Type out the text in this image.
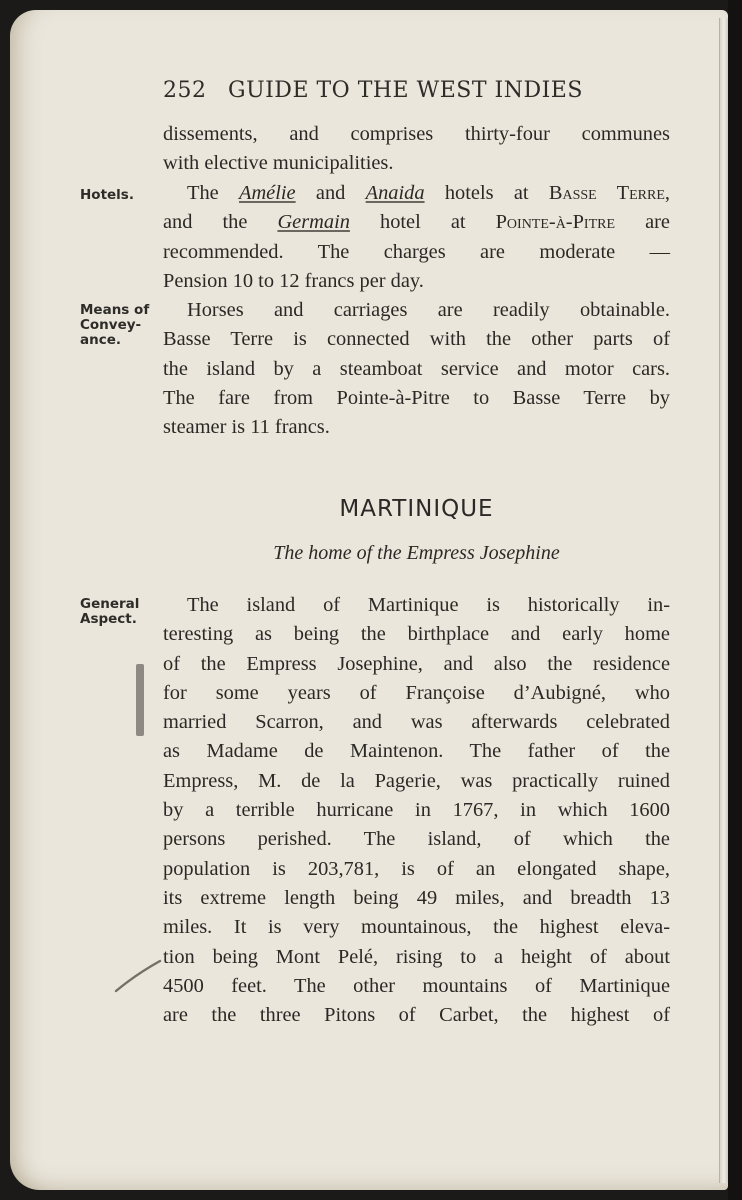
252 GUIDE TO THE WEST INDIES
dissements, and comprises thirty-four communes
with elective municipalities.
Hotels.	The Amélie and Anaida hotels at Basse Terre,
and the Germain hotel at Pointe-à-Pitre are
recommended. The charges are moderate —
Pension 10 to 12 francs per day.
Means of
Convey-
ance.
Horses and carriages are readily obtainable.
Basse Terre is connected with the other parts of
the island by a steamboat service and motor cars.
The fare from Pointe-à-Pitre to Basse Terre by
steamer is 11 francs.
MARTINIQUE
The home of the Empress Josephine
General
Aspect.
The island of Martinique is historically in-
teresting as being the birthplace and early home
of the Empress Josephine, and also the residence
for some years of Françoise d’Aubigné, who
married Scarron, and was afterwards celebrated
as Madame de Maintenon. The father of the
Empress, M. de la Pagerie, was practically ruined
by a terrible hurricane in 1767, in which 1600
persons perished. The island, of which the
population is 203,781, is of an elongated shape,
its extreme length being 49 miles, and breadth 13
miles. It is very mountainous, the highest eleva-
tion being Mont Pelé, rising to a height of about
4500 feet. The other mountains of Martinique
are the three Pitons of Carbet, the highest of
